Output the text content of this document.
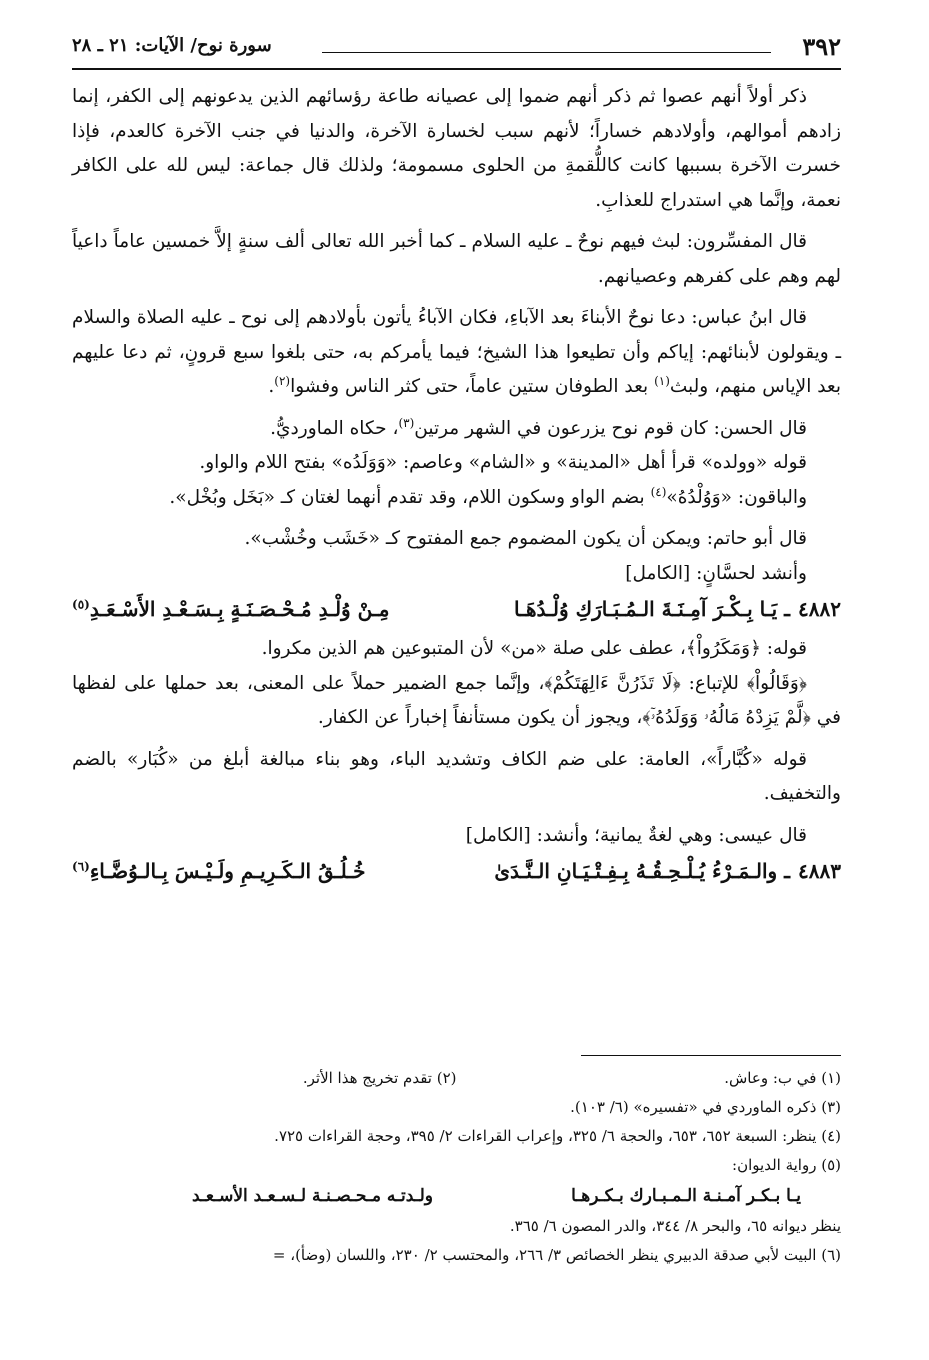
٣٩٢
سورة نوح/ الآيات: ٢١ ـ ٢٨

ذكر أولاً أنهم عصوا ثم ذكر أنهم ضموا إلى عصيانه طاعة رؤسائهم الذين يدعونهم إلى الكفر، إنما زادهم أموالهم، وأولادهم خساراً؛ لأنهم سبب لخسارة الآخرة، والدنيا في جنب الآخرة كالعدم، فإذا خسرت الآخرة بسببها كانت كاللُّقمةِ من الحلوى مسمومة؛ ولذلك قال جماعة: ليس لله على الكافر نعمة، وإنَّما هي استدراج للعذابِ.

قال المفسِّرون: لبث فيهم نوحٌ ـ عليه السلام ـ كما أخبر الله تعالى ألف سنةٍ إلاَّ خمسين عاماً داعياً لهم وهم على كفرهم وعصيانهم.

قال ابنُ عباس: دعا نوحٌ الأبناءَ بعد الآباءِ، فكان الآباءُ يأتون بأولادهم إلى نوح ـ عليه الصلاة والسلام ـ ويقولون لأبنائهم: إياكم وأن تطيعوا هذا الشيخ؛ فيما يأمركم به، حتى بلغوا سبع قرونٍ، ثم دعا عليهم بعد الإياس منهم، ولبث$^{(١)}$ بعد الطوفان ستين عاماً، حتى كثر الناس وفشوا$^{(٢)}$.

قال الحسن: كان قوم نوح يزرعون في الشهر مرتين$^{(٣)}$، حكاه الماورديُّ.

قوله «وولده» قرأ أهل «المدينة» و «الشام» وعاصم: «وَوَلَدُه» بفتح اللام والواو.

والباقون: «وَوُلْدُهُ»$^{(٤)}$ بضم الواو وسكون اللام، وقد تقدم أنهما لغتان كـ «بَخَل وبُخْل».

قال أبو حاتم: ويمكن أن يكون المضموم جمع المفتوح كـ «خَشَب وخُشْب».

وأنشد لحسَّانٍ: [الكامل]

٤٨٨٢
ـ يَـا بِـكْـرَ آمِـنَـةَ الـمُـبَـارَكِ وُلْـدُهَـا
مِـنْ وُلْـدِ مُـحْـصَـنَـةٍ بِـسَـعْـدِ الأَسْـعَـدِ$^{(٥)}$

قوله: ﴿وَمَكَرُواْ﴾، عطف على صلة «من» لأن المتبوعين هم الذين مكروا.

﴿وَقَالُواْ﴾ للإتباع: ﴿لَا تَذَرُنَّ ءَالِهَتَكُمْ﴾، وإنَّما جمع الضمير حملاً على المعنى، بعد حملها على لفظها في ﴿لَّمْ يَزِدْهُ مَالُهُۥ وَوَلَدُهُۥٓ﴾، ويجوز أن يكون مستأنفاً إخباراً عن الكفار.

قوله «كُبَّاراً»، العامة: على ضم الكاف وتشديد الباء، وهو بناء مبالغة أبلغ من «كُبَار» بالضم والتخفيف.

قال عيسى: وهي لغةٌ يمانية؛ وأنشد: [الكامل]

٤٨٨٣
ـ والـمَـرْءُ يُـلْـحِـقُـهُ بِـفِـتْـيَـانِ الـنَّـدَىٰ
خُـلُـقُ الـكَـرِيـمِ ولَـيْـسَ بِـالـوُضَّـاءِ$^{(٦)}$
(١) في ب: وعاش.
(٢) تقدم تخريج هذا الأثر.
(٣) ذكره الماوردي في «تفسيره» (٦/ ١٠٣).
(٤) ينظر: السبعة ٦٥٢، ٦٥٣، والحجة ٦/ ٣٢٥، وإعراب القراءات ٢/ ٣٩٥، وحجة القراءات ٧٢٥.
(٥) رواية الديوان:
يـا بـكـر آمـنـة الـمـبـارك بـكـرهـا
ولـدتـه مـحـصـنـة لـسـعـد الأسـعـد
ينظر ديوانه ٦٥، والبحر ٨/ ٣٤٤، والدر المصون ٦/ ٣٦٥.
(٦) البيت لأبي صدقة الدبيري ينظر الخصائص ٣/ ٢٦٦، والمحتسب ٢/ ٢٣٠، واللسان (وضأ)، =
